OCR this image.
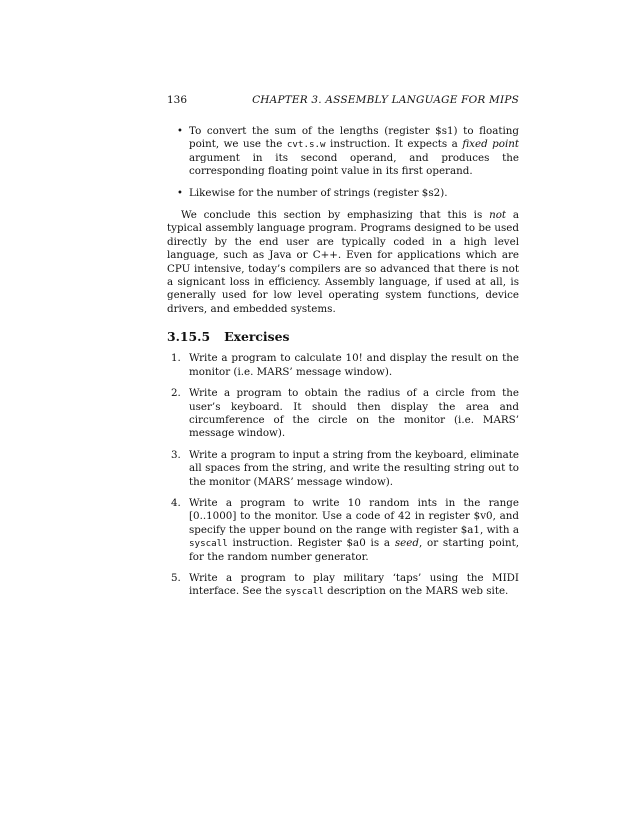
136	CHAPTER 3. ASSEMBLY LANGUAGE FOR MIPS
• To convert the sum of the lengths (register $s1) to floating point, we use the cvt.s.w instruction. It expects a fixed point argument in its second operand, and produces the corresponding floating point value in its first operand.
• Likewise for the number of strings (register $s2).

We conclude this section by emphasizing that this is not a typical assembly language program. Programs designed to be used directly by the end user are typically coded in a high level language, such as Java or C++. Even for applications which are CPU intensive, today’s compilers are so advanced that there is not a signicant loss in efficiency. Assembly language, if used at all, is generally used for low level operating system functions, device drivers, and embedded systems.

3.15.5 Exercises
1. Write a program to calculate 10! and display the result on the monitor (i.e. MARS’ message window).
2. Write a program to obtain the radius of a circle from the user’s keyboard. It should then display the area and circumference of the circle on the monitor (i.e. MARS’ message window).
3. Write a program to input a string from the keyboard, eliminate all spaces from the string, and write the resulting string out to the monitor (MARS’ message window).
4. Write a program to write 10 random ints in the range [0..1000] to the monitor. Use a code of 42 in register $v0, and specify the upper bound on the range with register $a1, with a syscall instruction. Register $a0 is a seed, or starting point, for the random number generator.
5. Write a program to play military ‘taps’ using the MIDI interface. See the syscall description on the MARS web site.
